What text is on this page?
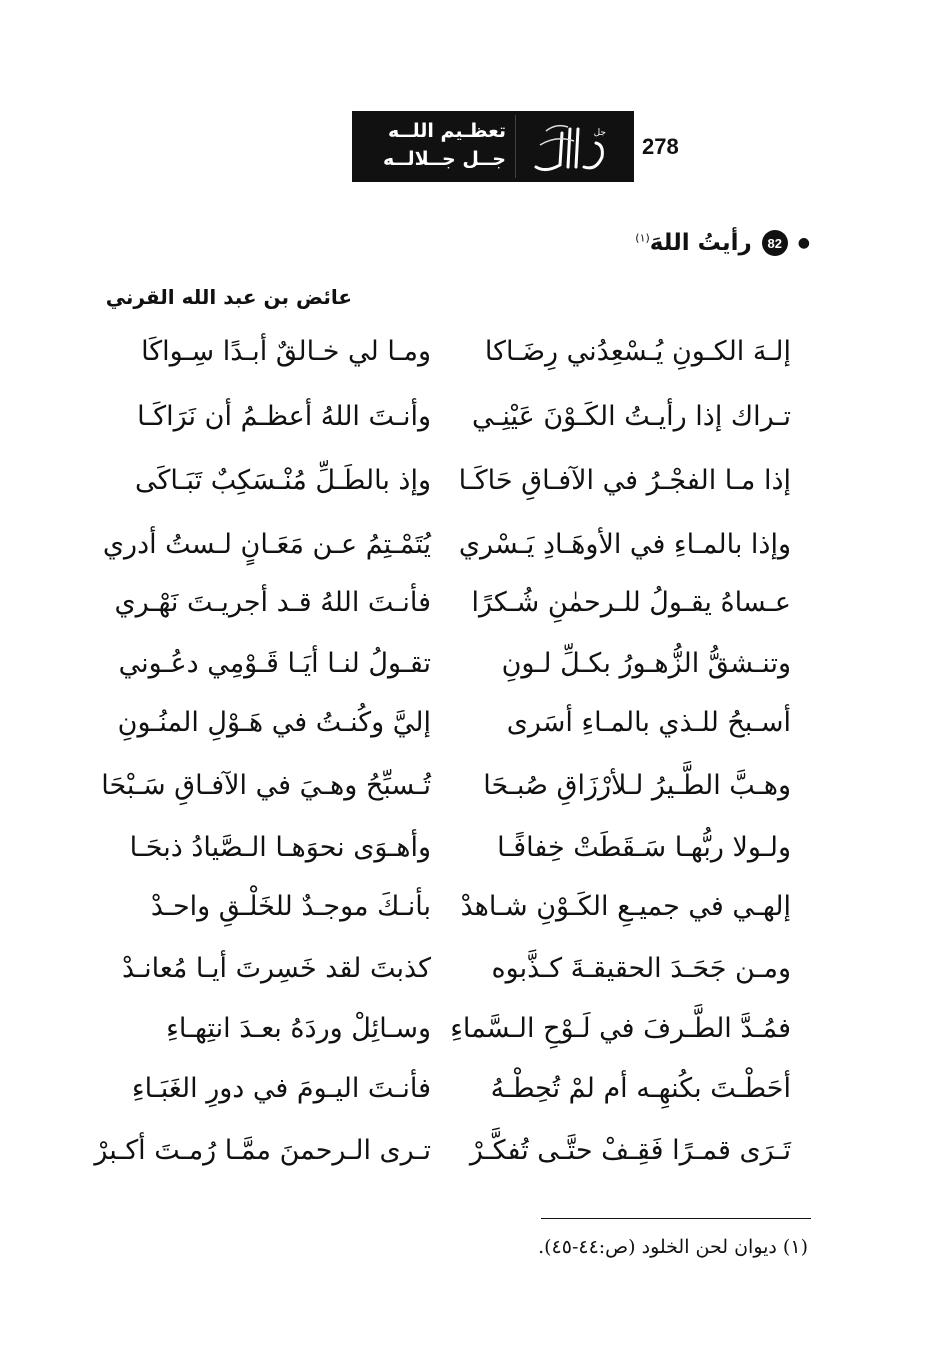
278
جل
تعظـيم اللــه
جــل جــلالــه
●
82
رأيتُ اللهَ$^{(١)}$
عائض بن عبد الله القرني
إلـهَ الكـونِ يُـسْعِدُني رِضَـاكا
ومـا لي خـالقٌ أبـدًا سِـواكَا
تـراك إذا رأيـتُ الكَـوْنَ عَيْنِـي
وأنـتَ اللهُ أعظـمُ أن نَرَاكَـا
إذا مـا الفجْـرُ في الآفـاقِ حَاكَـا
وإذ بالطَـلِّ مُنْـسَكِبٌ تَبَـاكَى
وإذا بالمـاءِ في الأوهَـادِ يَـسْري
يُتَمْـتِمُ عـن مَعَـانٍ لـستُ أدري
عـساهُ يقـولُ للـرحمٰنِ شُـكرًا
فأنـتَ اللهُ قـد أجريـتَ نَهْـري
وتنـشقُّ الزُّهـورُ بكـلِّ لـونِ
تقـولُ لنـا أيَـا قَـوْمِي دعُـوني
أسـبحُ للـذي بالمـاءِ أسَرى
إليَّ وكُنـتُ في هَـوْلِ المنُـونِ
وهـبَّ الطَّـيرُ لـلأرْزَاقِ صُبـحَا
تُـسبِّحُ وهـيَ في الآفـاقِ سَـبْحَا
ولـولا ربُّهـا سَـقَطَتْ خِفافًـا
وأهـوَى نحوَهـا الـصَّيادُ ذبحَـا
إلهـي في جميـعِ الكَـوْنِ شـاهدْ
بأنـكَ موجـدٌ للخَلْـقِ واحـدْ
ومـن جَحَـدَ الحقيقـةَ كـذَّبوه
كذبتَ لقد خَسِرتَ أيـا مُعانـدْ
فمُـدَّ الطَّـرفَ في لَـوْحِ الـسَّماءِ
وسـائِلْ وردَهُ بعـدَ انتِهـاءِ
أحَطْـتَ بكُنهِـه أم لمْ تُحِطْـهُ
فأنـتَ اليـومَ في دورِ الغَبَـاءِ
تَـرَى قمـرًا فَقِـفْ حتَّـى تُفكَّـرْ
تـرى الـرحمنَ ممَّـا رُمـتَ أكـبرْ
(١) ديوان لحن الخلود (ص:٤٤-٤٥).
